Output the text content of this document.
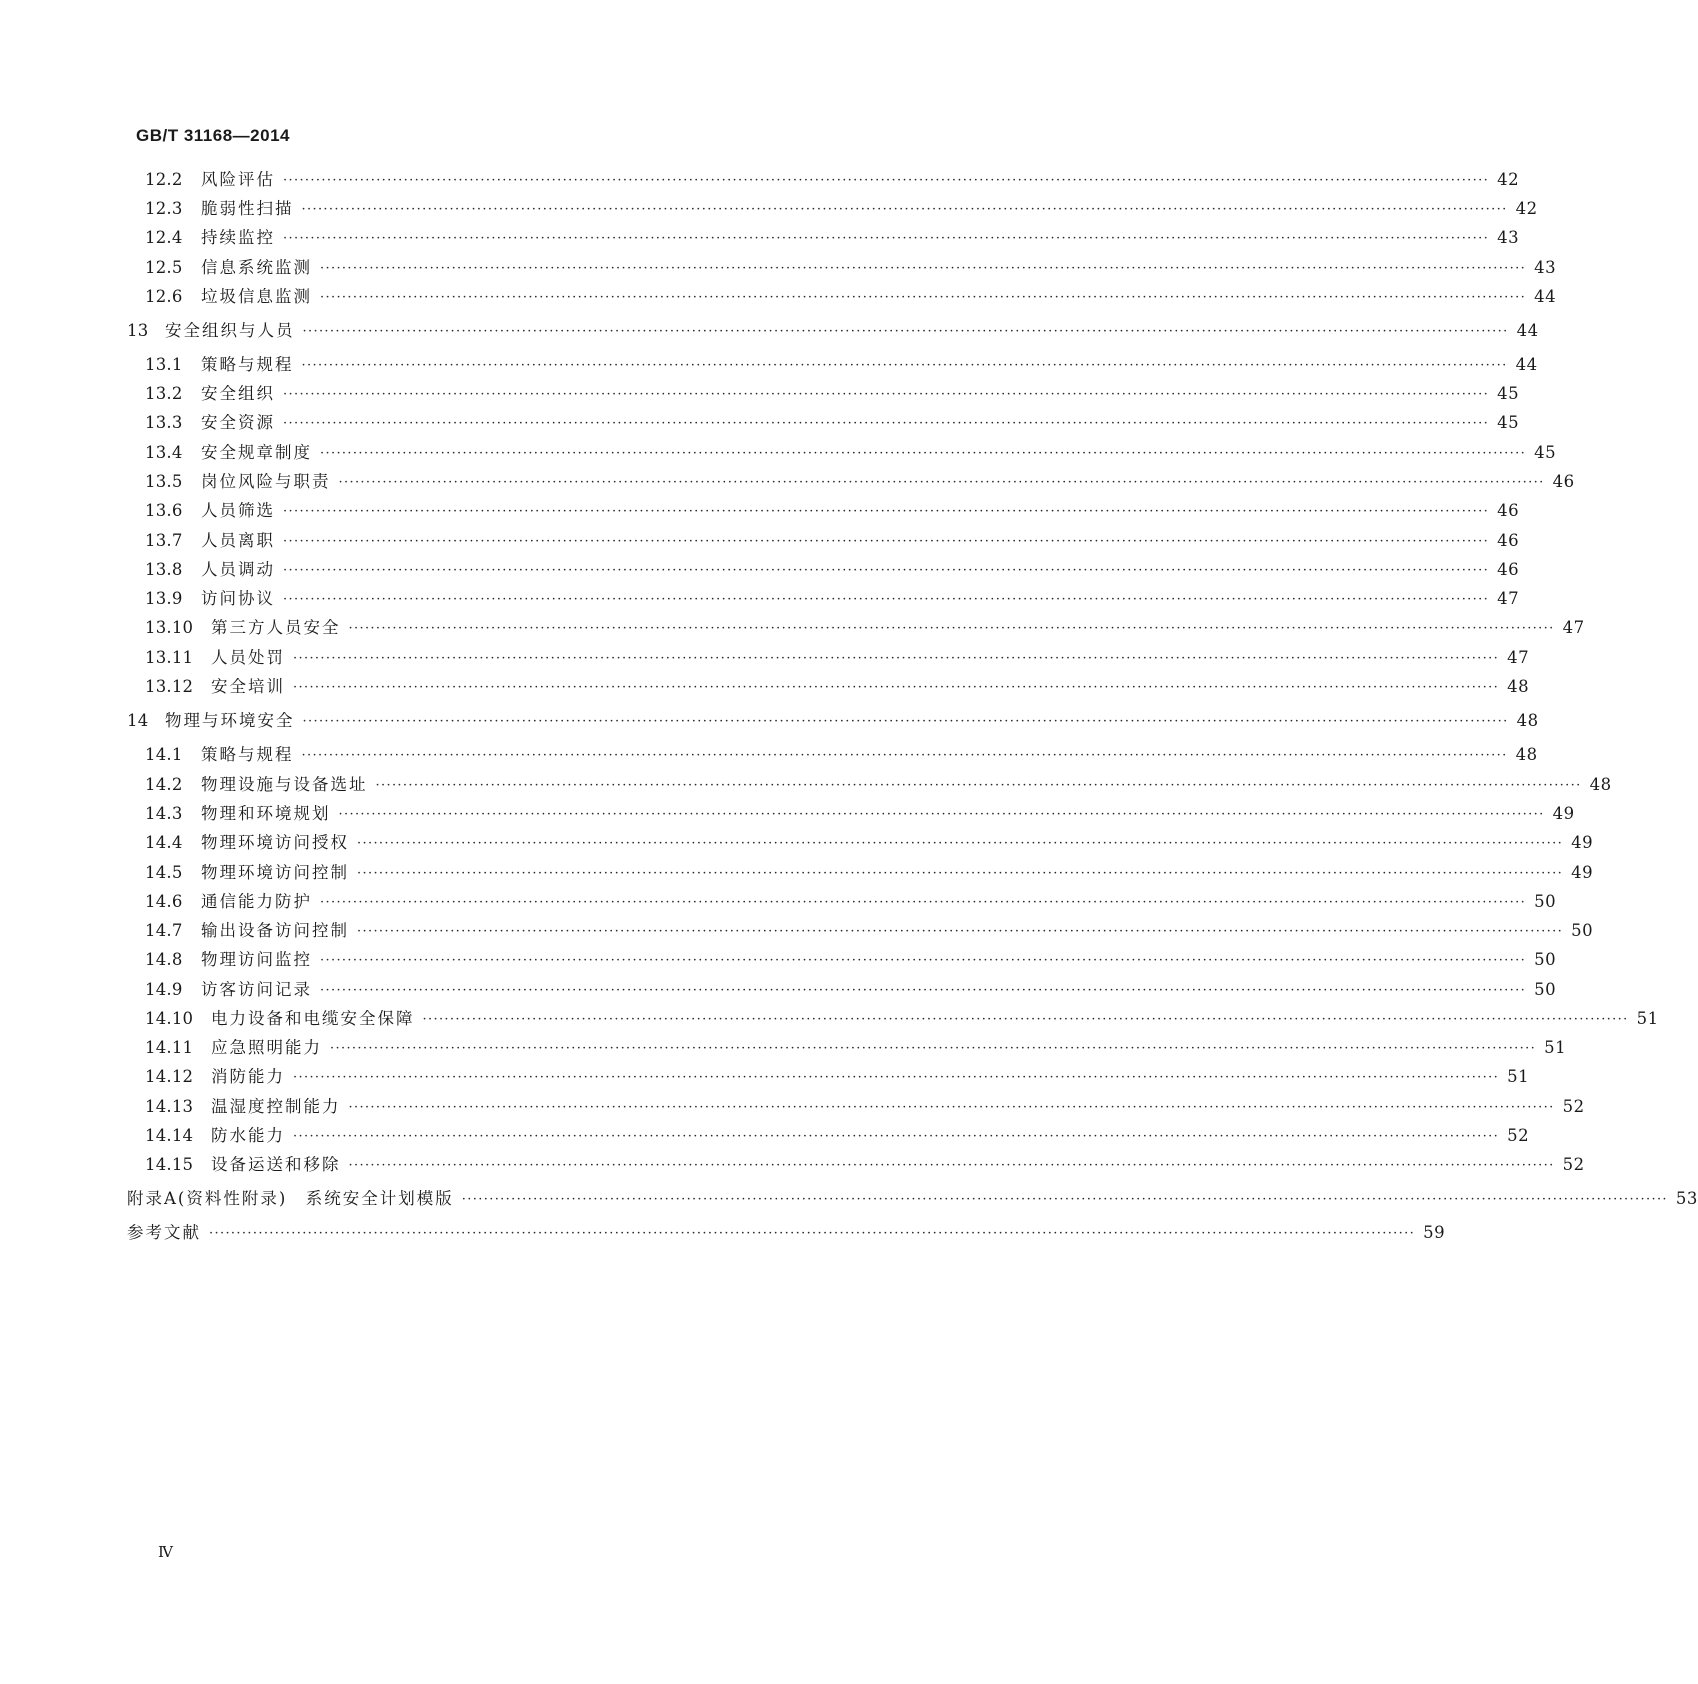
GB/T 31168—2014
12.2	风险评估 ···························································································································································································································· 42
12.3	脆弱性扫描 ···························································································································································································································· 42
12.4	持续监控 ···························································································································································································································· 43
12.5	信息系统监测 ···························································································································································································································· 43
12.6	垃圾信息监测 ···························································································································································································································· 44
13	安全组织与人员 ···························································································································································································································· 44
13.1	策略与规程 ···························································································································································································································· 44
13.2	安全组织 ···························································································································································································································· 45
13.3	安全资源 ···························································································································································································································· 45
13.4	安全规章制度 ···························································································································································································································· 45
13.5	岗位风险与职责 ···························································································································································································································· 46
13.6	人员筛选 ···························································································································································································································· 46
13.7	人员离职 ···························································································································································································································· 46
13.8	人员调动 ···························································································································································································································· 46
13.9	访问协议 ···························································································································································································································· 47
13.10	第三方人员安全 ···························································································································································································································· 47
13.11	人员处罚 ···························································································································································································································· 47
13.12	安全培训 ···························································································································································································································· 48
14	物理与环境安全 ···························································································································································································································· 48
14.1	策略与规程 ···························································································································································································································· 48
14.2	物理设施与设备选址 ···························································································································································································································· 48
14.3	物理和环境规划 ···························································································································································································································· 49
14.4	物理环境访问授权 ···························································································································································································································· 49
14.5	物理环境访问控制 ···························································································································································································································· 49
14.6	通信能力防护 ···························································································································································································································· 50
14.7	输出设备访问控制 ···························································································································································································································· 50
14.8	物理访问监控 ···························································································································································································································· 50
14.9	访客访问记录 ···························································································································································································································· 50
14.10	电力设备和电缆安全保障 ···························································································································································································································· 51
14.11	应急照明能力 ···························································································································································································································· 51
14.12	消防能力 ···························································································································································································································· 51
14.13	温湿度控制能力 ···························································································································································································································· 52
14.14	防水能力 ···························································································································································································································· 52
14.15	设备运送和移除 ···························································································································································································································· 52
附录A(资料性附录)　系统安全计划模版 ···························································································································································································································· 53
参考文献 ···························································································································································································································· 59
Ⅳ
